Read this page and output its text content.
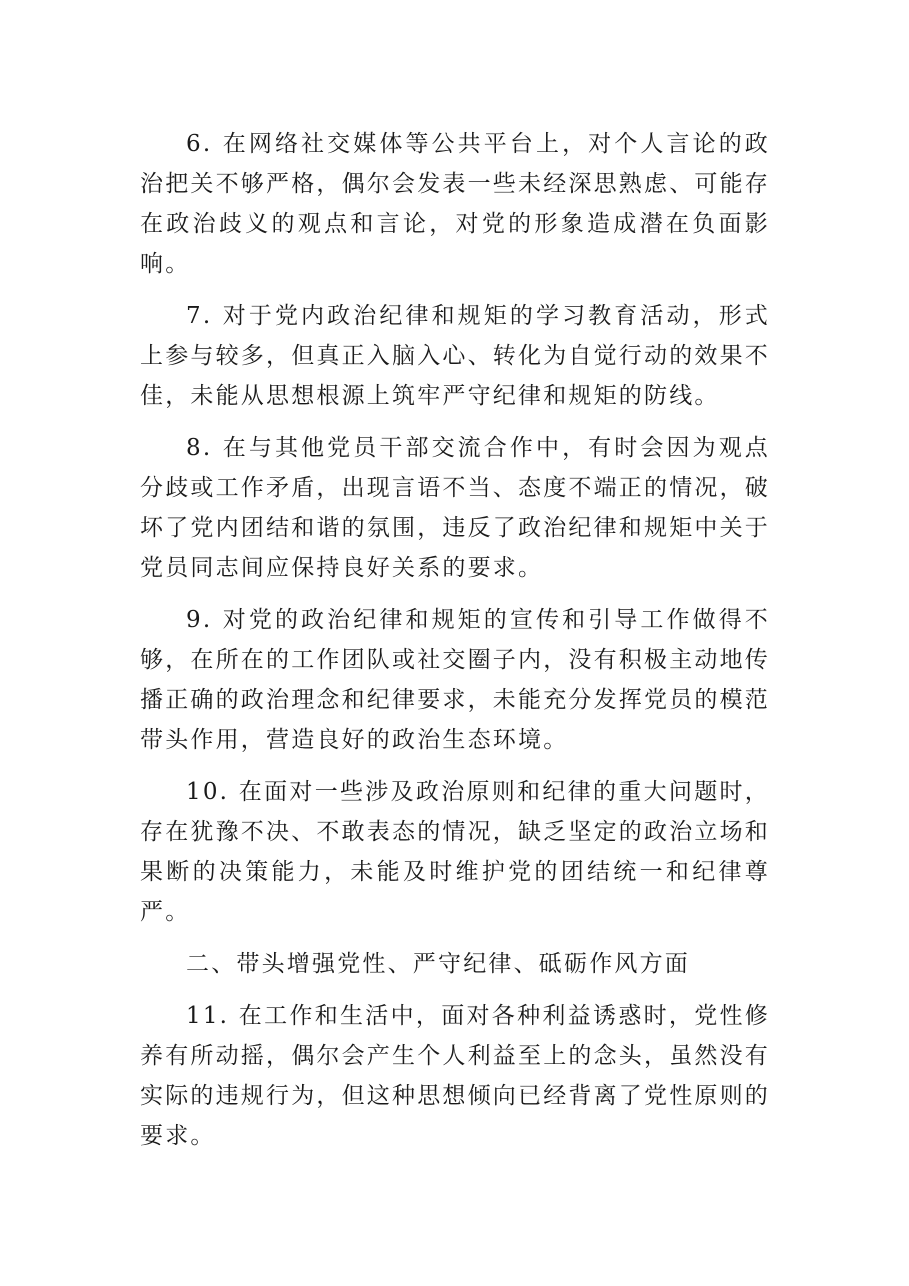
6. 在网络社交媒体等公共平台上，对个人言论的政治把关不够严格，偶尔会发表一些未经深思熟虑、可能存在政治歧义的观点和言论，对党的形象造成潜在负面影响。

7. 对于党内政治纪律和规矩的学习教育活动，形式上参与较多，但真正入脑入心、转化为自觉行动的效果不佳，未能从思想根源上筑牢严守纪律和规矩的防线。

8. 在与其他党员干部交流合作中，有时会因为观点分歧或工作矛盾，出现言语不当、态度不端正的情况，破坏了党内团结和谐的氛围，违反了政治纪律和规矩中关于党员同志间应保持良好关系的要求。

9. 对党的政治纪律和规矩的宣传和引导工作做得不够，在所在的工作团队或社交圈子内，没有积极主动地传播正确的政治理念和纪律要求，未能充分发挥党员的模范带头作用，营造良好的政治生态环境。

10. 在面对一些涉及政治原则和纪律的重大问题时，存在犹豫不决、不敢表态的情况，缺乏坚定的政治立场和果断的决策能力，未能及时维护党的团结统一和纪律尊严。

二、带头增强党性、严守纪律、砥砺作风方面

11. 在工作和生活中，面对各种利益诱惑时，党性修养有所动摇，偶尔会产生个人利益至上的念头，虽然没有实际的违规行为，但这种思想倾向已经背离了党性原则的要求。
